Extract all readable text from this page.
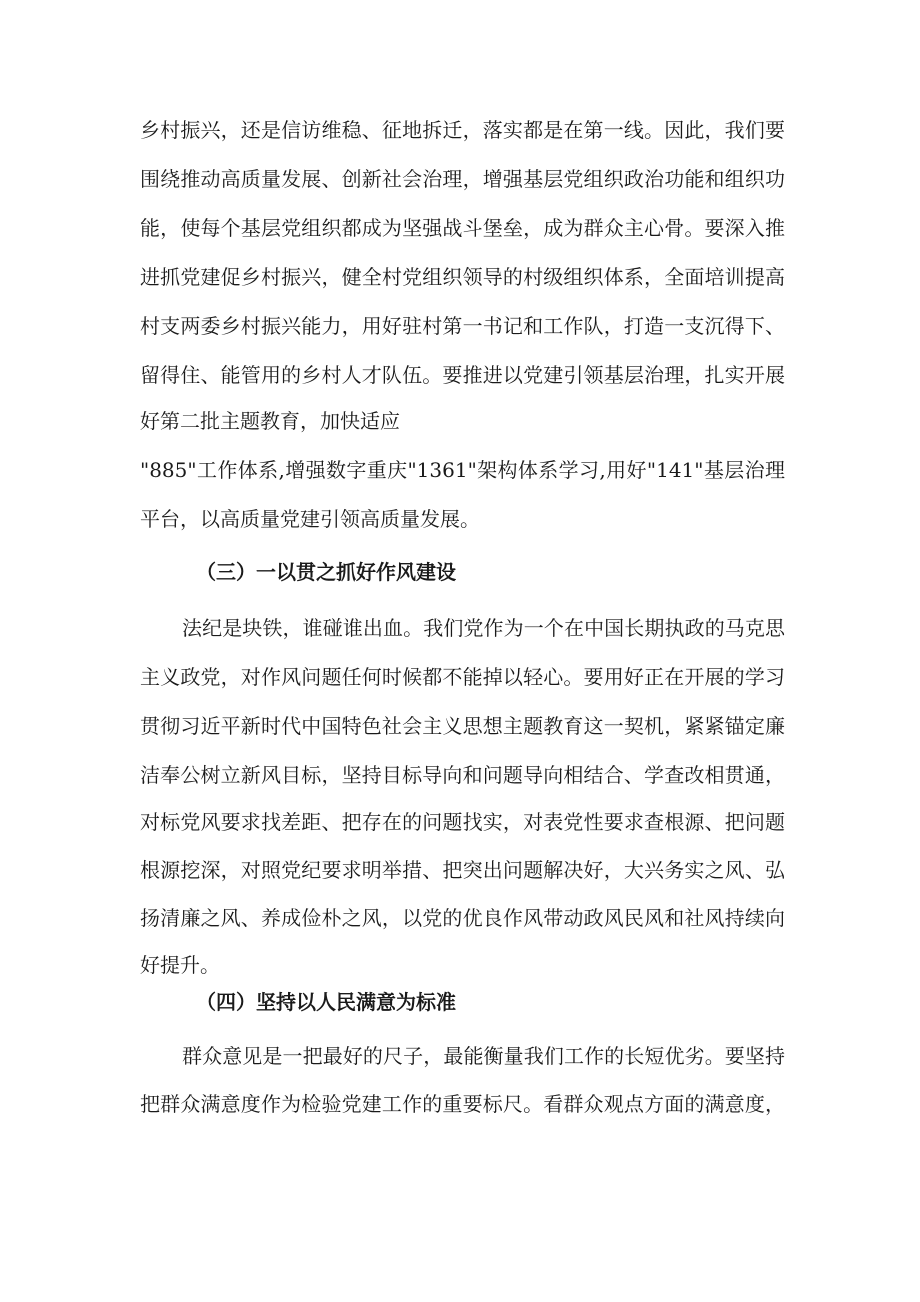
乡村振兴，还是信访维稳、征地拆迁，落实都是在第一线。因此，我们要
围绕推动高质量发展、创新社会治理，增强基层党组织政治功能和组织功
能，使每个基层党组织都成为坚强战斗堡垒，成为群众主心骨。要深入推
进抓党建促乡村振兴，健全村党组织领导的村级组织体系，全面培训提高
村支两委乡村振兴能力，用好驻村第一书记和工作队，打造一支沉得下、
留得住、能管用的乡村人才队伍。要推进以党建引领基层治理，扎实开展
好第二批主题教育，加快适应
"885"工作体系,增强数字重庆"1361"架构体系学习,用好"141"基层治理
平台，以高质量党建引领高质量发展。
（三）一以贯之抓好作风建设
法纪是块铁，谁碰谁出血。我们党作为一个在中国长期执政的马克思
主义政党，对作风问题任何时候都不能掉以轻心。要用好正在开展的学习
贯彻习近平新时代中国特色社会主义思想主题教育这一契机，紧紧锚定廉
洁奉公树立新风目标，坚持目标导向和问题导向相结合、学查改相贯通，
对标党风要求找差距、把存在的问题找实，对表党性要求查根源、把问题
根源挖深，对照党纪要求明举措、把突出问题解决好，大兴务实之风、弘
扬清廉之风、养成俭朴之风，以党的优良作风带动政风民风和社风持续向
好提升。
（四）坚持以人民满意为标准
群众意见是一把最好的尺子，最能衡量我们工作的长短优劣。要坚持
把群众满意度作为检验党建工作的重要标尺。看群众观点方面的满意度，
